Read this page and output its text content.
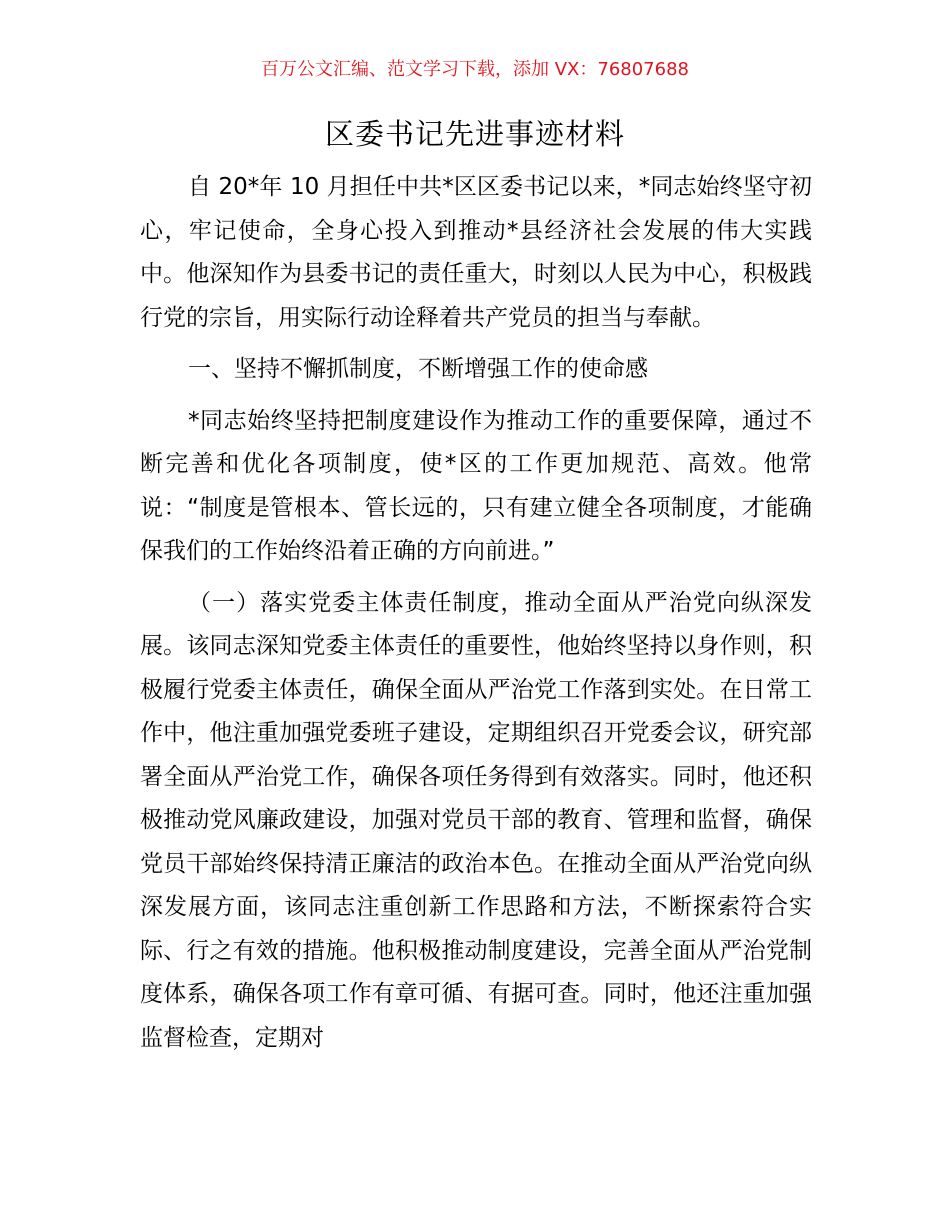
百万公文汇编、范文学习下载，添加 VX：76807688
区委书记先进事迹材料

自 20*年 10 月担任中共*区区委书记以来，*同志始终坚守初心，牢记使命，全身心投入到推动*县经济社会发展的伟大实践中。他深知作为县委书记的责任重大，时刻以人民为中心，积极践行党的宗旨，用实际行动诠释着共产党员的担当与奉献。

一、坚持不懈抓制度，不断增强工作的使命感

*同志始终坚持把制度建设作为推动工作的重要保障，通过不断完善和优化各项制度，使*区的工作更加规范、高效。他常说：“制度是管根本、管长远的，只有建立健全各项制度，才能确保我们的工作始终沿着正确的方向前进。”

（一）落实党委主体责任制度，推动全面从严治党向纵深发展。该同志深知党委主体责任的重要性，他始终坚持以身作则，积极履行党委主体责任，确保全面从严治党工作落到实处。在日常工作中，他注重加强党委班子建设，定期组织召开党委会议，研究部署全面从严治党工作，确保各项任务得到有效落实。同时，他还积极推动党风廉政建设，加强对党员干部的教育、管理和监督，确保党员干部始终保持清正廉洁的政治本色。在推动全面从严治党向纵深发展方面，该同志注重创新工作思路和方法，不断探索符合实际、行之有效的措施。他积极推动制度建设，完善全面从严治党制度体系，确保各项工作有章可循、有据可查。同时，他还注重加强监督检查，定期对
